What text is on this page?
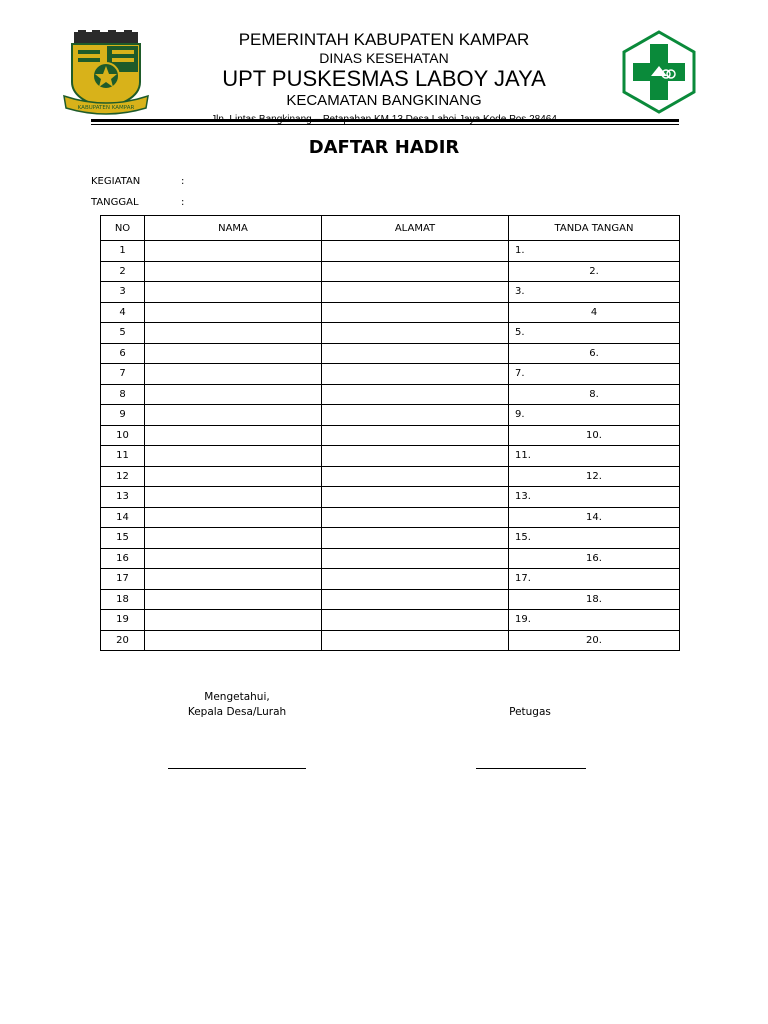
KABUPATEN KAMPAR
PEMERINTAH KABUPATEN KAMPAR
DINAS KESEHATAN
UPT PUSKESMAS LABOY JAYA
KECAMATAN BANGKINANG
DAFTAR HADIR
KEGIATAN	:
TANGGAL	:
NO	NAMA	ALAMAT	TANDA TANGAN
1			1.
2			2.
3			3.
4			4
5			5.
6			6.
7			7.
8			8.
9			9.
10			10.
11			11.
12			12.
13			13.
14			14.
15			15.
16			16.
17			17.
18			18.
19			19.
20			20.
Mengetahui,
Kepala Desa/Lurah	Petugas
